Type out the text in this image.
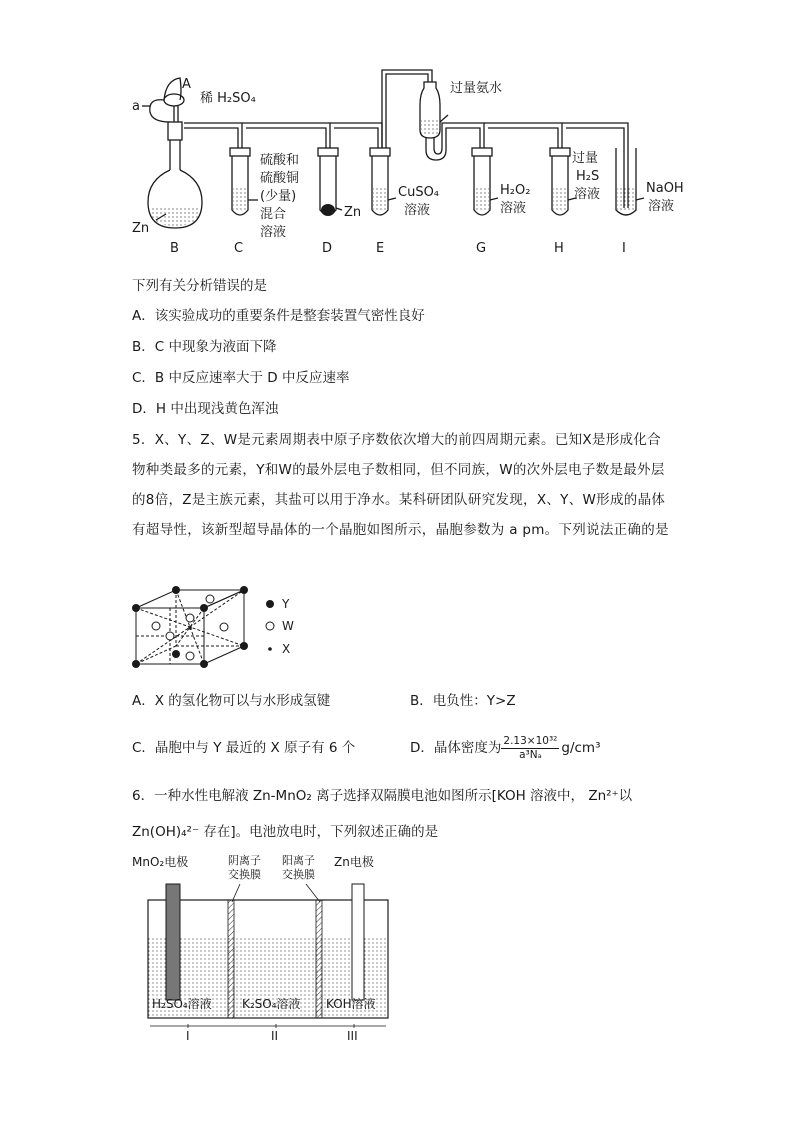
a
A
稀 H₂SO₄
Zn
过量氨水
硫酸和
硫酸铜
(少量)
混合
溶液
Zn
CuSO₄
溶液
H₂O₂
溶液
过量
H₂S
溶液	NaOH
溶液
B	C	D	E	G	H	I
下列有关分析错误的是
A．该实验成功的重要条件是整套装置气密性良好
B．C 中现象为液面下降
C．B 中反应速率大于 D 中反应速率
D．H 中出现浅黄色浑浊
5．X、Y、Z、W是元素周期表中原子序数依次增大的前四周期元素。已知X是形成化合物种类最多的元素，Y和W的最外层电子数相同，但不同族，W的次外层电子数是最外层的8倍，Z是主族元素，其盐可以用于净水。某科研团队研究发现，X、Y、W形成的晶体有超导性，该新型超导晶体的一个晶胞如图所示，晶胞参数为 a pm。下列说法正确的是
Y
W
X
A．X 的氢化物可以与水形成氢键	B．电负性：Y>Z
C．晶胞中与 Y 最近的 X 原子有 6 个	D．晶体密度为 $\frac{\text{2.13×10³²}}{\text{a³Nₐ}} g/cm^3$
6．一种水性电解液 Zn-MnO₂ 离子选择双隔膜电池如图所示[KOH 溶液中， Zn²⁺以
Zn(OH)₄²⁻ 存在]。电池放电时，下列叙述正确的是
MnO₂电极	阴离子
交换膜
阳离子
交换膜
Zn电极
H₂SO₄溶液	K₂SO₄溶液 KOH溶液
I	II	III
